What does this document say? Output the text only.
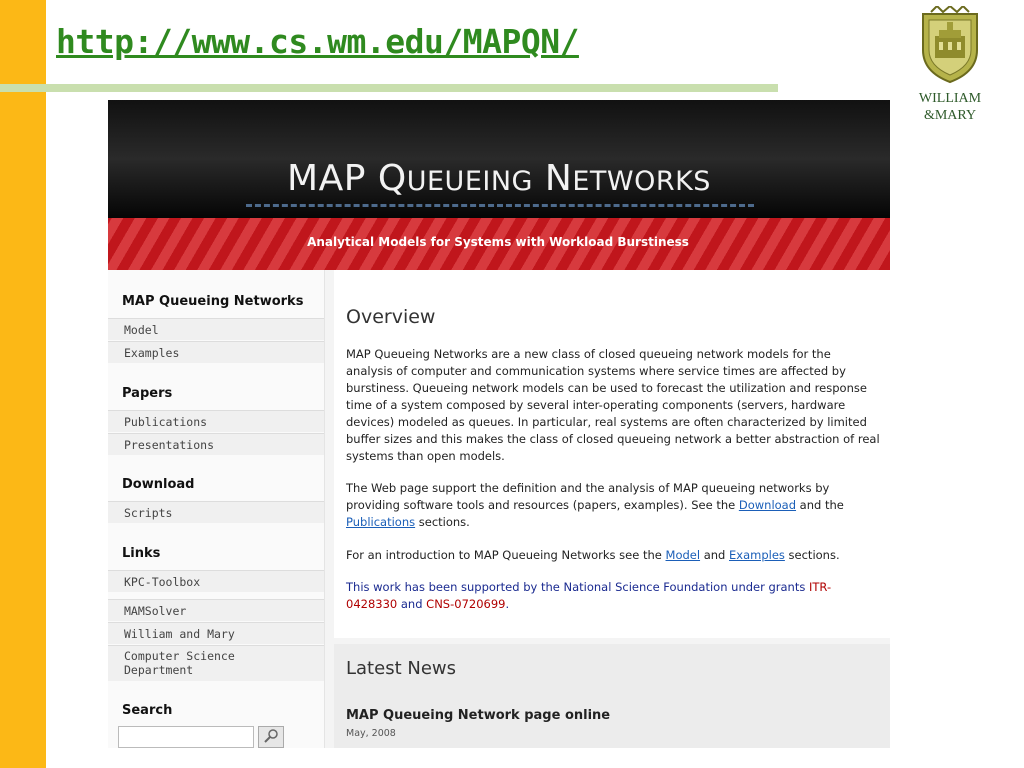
http://www.cs.wm.edu/MAPQN/
WILLIAM
&MARY
MAP QUEUEING NETWORKS
Analytical Models for Systems with Workload Burstiness
MAP Queueing Networks
Model
Examples
Papers
Publications
Presentations
Download
Scripts
Links
KPC-Toolbox
MAMSolver
William and Mary
Computer Science Department
Search
Overview

MAP Queueing Networks are a new class of closed queueing network models for the analysis of computer and communication systems where service times are affected by burstiness. Queueing network models can be used to forecast the utilization and response time of a system composed by several inter-operating components (servers, hardware devices) modeled as queues. In particular, real systems are often characterized by limited buffer sizes and this makes the class of closed queueing network a better abstraction of real systems than open models.

The Web page support the definition and the analysis of MAP queueing networks by providing software tools and resources (papers, examples). See the Download and the Publications sections.

For an introduction to MAP Queueing Networks see the Model and Examples sections.

This work has been supported by the National Science Foundation under grants ITR-0428330 and CNS-0720699.

Latest News
MAP Queueing Network page online
May, 2008
